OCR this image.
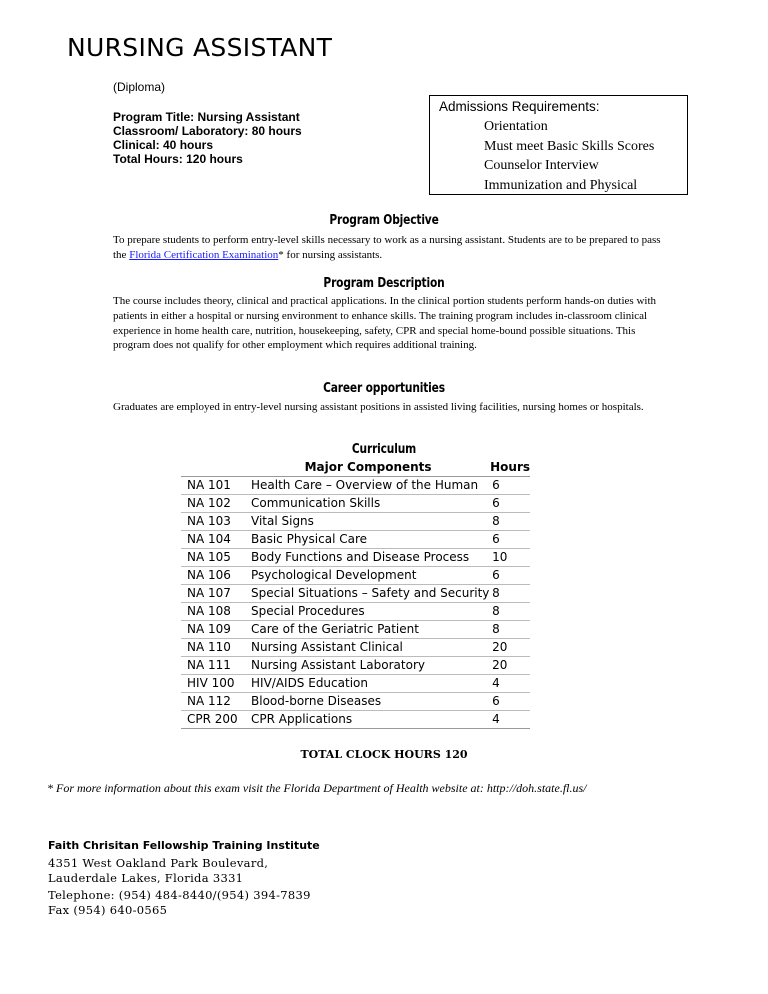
NURSING ASSISTANT
(Diploma)
Program Title: Nursing Assistant
Classroom/ Laboratory: 80 hours
Clinical: 40 hours
Total Hours: 120 hours
Admissions Requirements:
Orientation
Must meet Basic Skills Scores
Counselor Interview
Immunization and Physical
Program Objective
To prepare students to perform entry-level skills necessary to work as a nursing assistant. Students are to be prepared to pass the Florida Certification Examination* for nursing assistants.
Program Description
The course includes theory, clinical and practical applications. In the clinical portion students perform hands-on duties with patients in either a hospital or nursing environment to enhance skills. The training program includes in-classroom clinical experience in home health care, nutrition, housekeeping, safety, CPR and special home-bound possible situations. This program does not qualify for other employment which requires additional training.
Career opportunities
Graduates are employed in entry-level nursing assistant positions in assisted living facilities, nursing homes or hospitals.
Curriculum
	Major Components	Hours
NA 101	Health Care – Overview of the Human	6
NA 102	Communication Skills	6
NA 103	Vital Signs	8
NA 104	Basic Physical Care	6
NA 105	Body Functions and Disease Process	10
NA 106	Psychological Development	6
NA 107	Special Situations – Safety and Security	8
NA 108	Special Procedures	8
NA 109	Care of the Geriatric Patient	8
NA 110	Nursing Assistant Clinical	20
NA 111	Nursing Assistant Laboratory	20
HIV 100	HIV/AIDS Education	4
NA 112	Blood-borne Diseases	6
CPR 200	CPR Applications	4
TOTAL CLOCK HOURS 120
* For more information about this exam visit the Florida Department of Health website at: http://doh.state.fl.us/
Faith Chrisitan Fellowship Training Institute
4351 West Oakland Park Boulevard,
Lauderdale Lakes, Florida 3331
Telephone: (954) 484-8440/(954) 394-7839
Fax (954) 640-0565
